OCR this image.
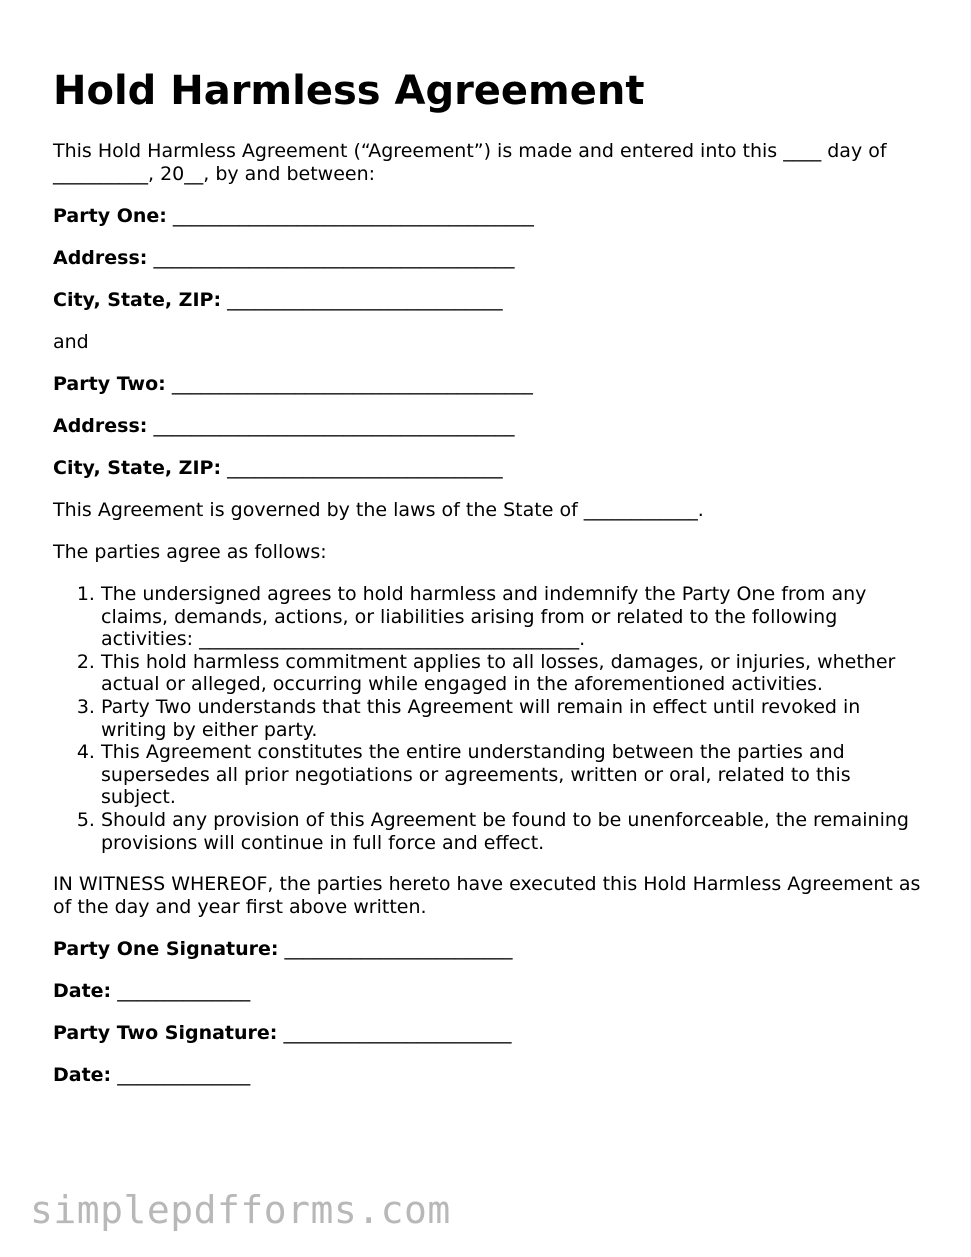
Hold Harmless Agreement

This Hold Harmless Agreement (“Agreement”) is made and entered into this ____ day of __________, 20__, by and between:

Party One: ______________________________________

Address: ______________________________________

City, State, ZIP: _____________________________

and

Party Two: ______________________________________

Address: ______________________________________

City, State, ZIP: _____________________________

This Agreement is governed by the laws of the State of ____________.

The parties agree as follows:

1. The undersigned agrees to hold harmless and indemnify the Party One from any claims, demands, actions, or liabilities arising from or related to the following activities: ________________________________________.
2. This hold harmless commitment applies to all losses, damages, or injuries, whether actual or alleged, occurring while engaged in the aforementioned activities.
3. Party Two understands that this Agreement will remain in effect until revoked in writing by either party.
4. This Agreement constitutes the entire understanding between the parties and supersedes all prior negotiations or agreements, written or oral, related to this subject.
5. Should any provision of this Agreement be found to be unenforceable, the remaining provisions will continue in full force and effect.

IN WITNESS WHEREOF, the parties hereto have executed this Hold Harmless Agreement as of the day and year first above written.

Party One Signature: ________________________

Date: ______________

Party Two Signature: ________________________

Date: ______________

simplepdfforms.com
